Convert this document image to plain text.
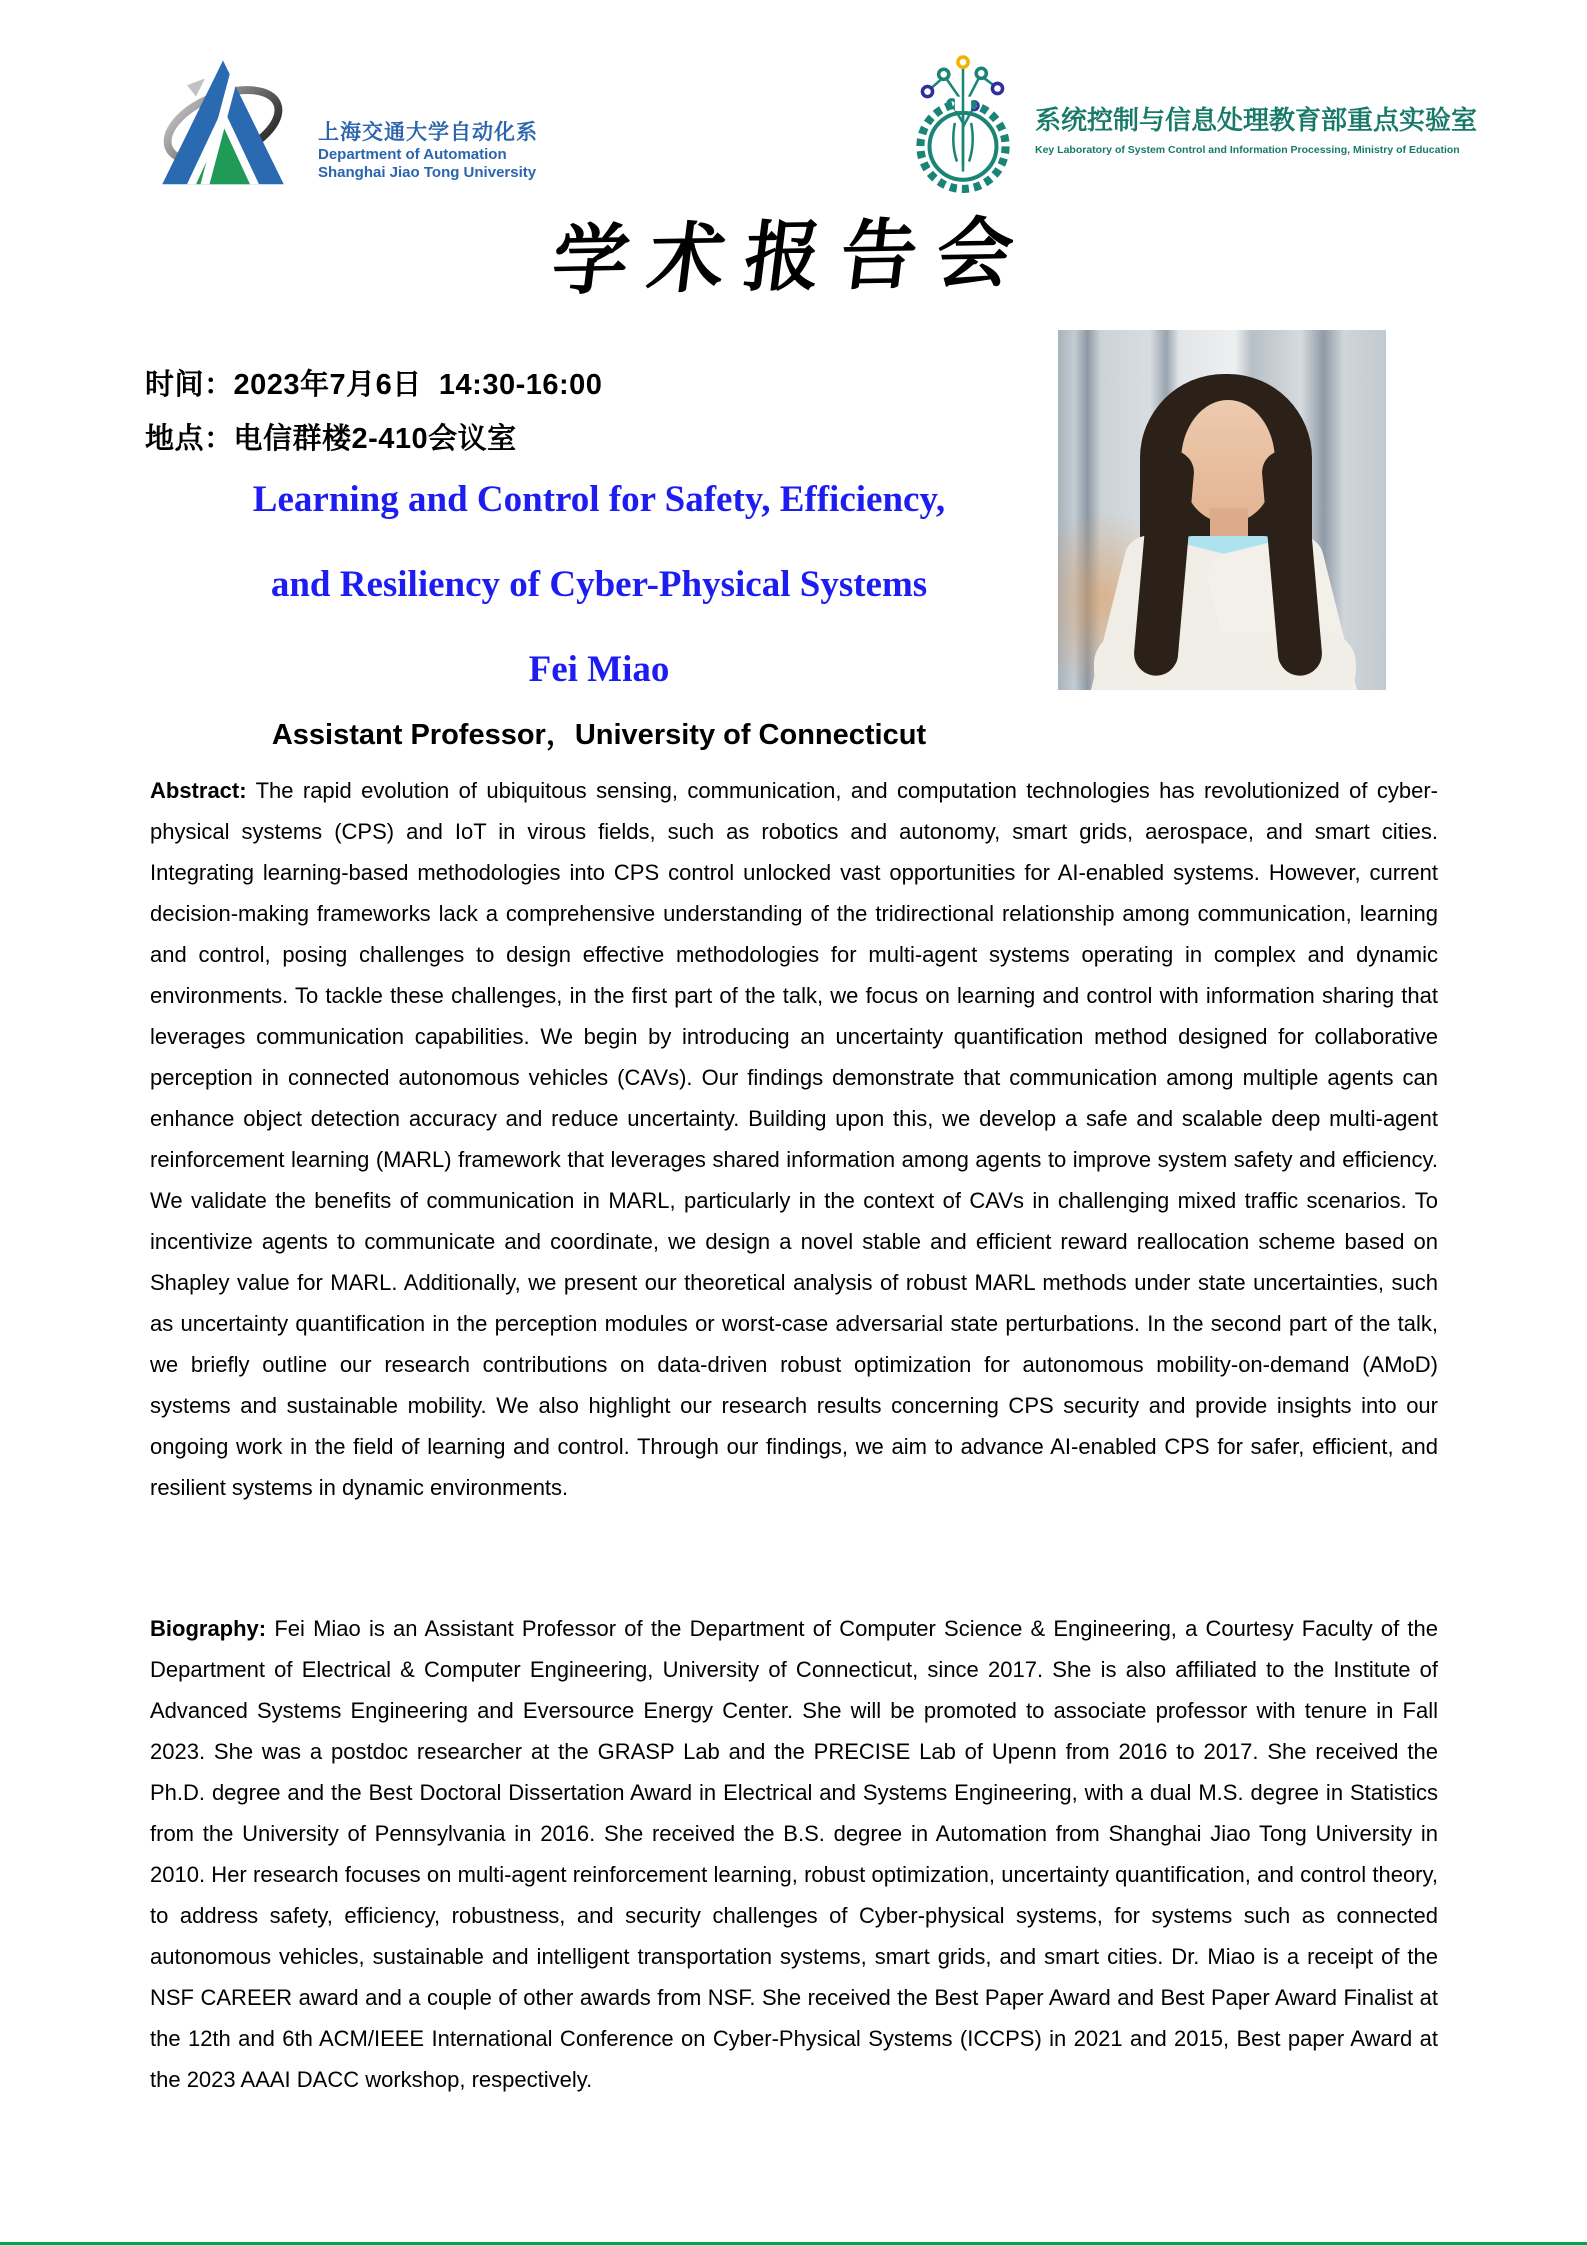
上海交通大学自动化系
Department of Automation
Shanghai Jiao Tong University
系统控制与信息处理教育部重点实验室
Key Laboratory of System Control and Information Processing, Ministry of Education
学术报告会
时间：2023年7月6日  14:30-16:00
地点：电信群楼2-410会议室
Learning and Control for Safety, Efficiency,
and Resiliency of Cyber-Physical Systems
Fei Miao
Assistant Professor，University of Connecticut

Abstract: The rapid evolution of ubiquitous sensing, communication, and computation technologies has revolutionized of cyber-physical systems (CPS) and IoT in virous fields, such as robotics and autonomy, smart grids, aerospace, and smart cities. Integrating learning-based methodologies into CPS control unlocked vast opportunities for AI-enabled systems. However, current decision-making frameworks lack a comprehensive understanding of the tridirectional relationship among communication, learning and control, posing challenges to design effective methodologies for multi-agent systems operating in complex and dynamic environments. To tackle these challenges, in the first part of the talk, we focus on learning and control with information sharing that leverages communication capabilities. We begin by introducing an uncertainty quantification method designed for collaborative perception in connected autonomous vehicles (CAVs). Our findings demonstrate that communication among multiple agents can enhance object detection accuracy and reduce uncertainty. Building upon this, we develop a safe and scalable deep multi-agent reinforcement learning (MARL) framework that leverages shared information among agents to improve system safety and efficiency. We validate the benefits of communication in MARL, particularly in the context of CAVs in challenging mixed traffic scenarios. To incentivize agents to communicate and coordinate, we design a novel stable and efficient reward reallocation scheme based on Shapley value for MARL. Additionally, we present our theoretical analysis of robust MARL methods under state uncertainties, such as uncertainty quantification in the perception modules or worst-case adversarial state perturbations. In the second part of the talk, we briefly outline our research contributions on data-driven robust optimization for autonomous mobility-on-demand (AMoD) systems and sustainable mobility. We also highlight our research results concerning CPS security and provide insights into our ongoing work in the field of learning and control. Through our findings, we aim to advance AI-enabled CPS for safer, efficient, and resilient systems in dynamic environments.

Biography: Fei Miao is an Assistant Professor of the Department of Computer Science & Engineering, a Courtesy Faculty of the Department of Electrical & Computer Engineering, University of Connecticut, since 2017. She is also affiliated to the Institute of Advanced Systems Engineering and Eversource Energy Center. She will be promoted to associate professor with tenure in Fall 2023. She was a postdoc researcher at the GRASP Lab and the PRECISE Lab of Upenn from 2016 to 2017. She received the Ph.D. degree and the Best Doctoral Dissertation Award in Electrical and Systems Engineering, with a dual M.S. degree in Statistics from the University of Pennsylvania in 2016. She received the B.S. degree in Automation from Shanghai Jiao Tong University in 2010. Her research focuses on multi-agent reinforcement learning, robust optimization, uncertainty quantification, and control theory, to address safety, efficiency, robustness, and security challenges of Cyber-physical systems, for systems such as connected autonomous vehicles, sustainable and intelligent transportation systems, smart grids, and smart cities. Dr. Miao is a receipt of the NSF CAREER award and a couple of other awards from NSF. She received the Best Paper Award and Best Paper Award Finalist at the 12th and 6th ACM/IEEE International Conference on Cyber-Physical Systems (ICCPS) in 2021 and 2015, Best paper Award at the 2023 AAAI DACC workshop, respectively.
